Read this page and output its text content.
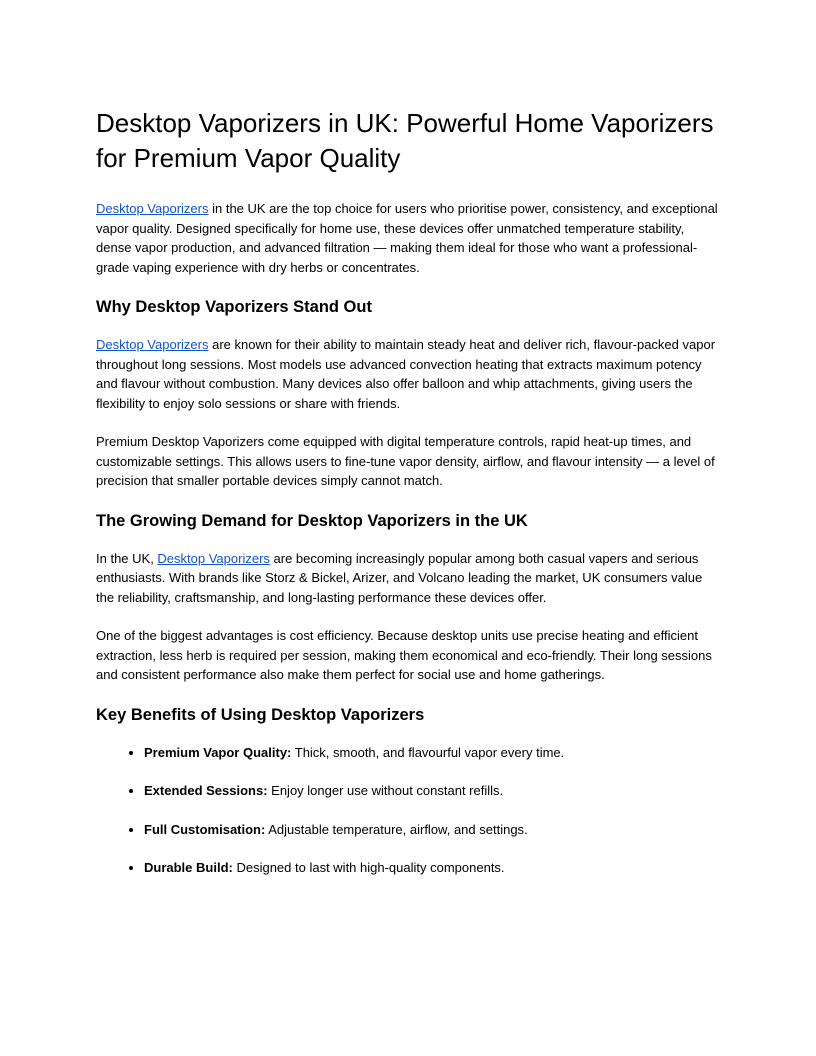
Desktop Vaporizers in UK: Powerful Home Vaporizers for Premium Vapor Quality

Desktop Vaporizers in the UK are the top choice for users who prioritise power, consistency, and exceptional vapor quality. Designed specifically for home use, these devices offer unmatched temperature stability, dense vapor production, and advanced filtration — making them ideal for those who want a professional-grade vaping experience with dry herbs or concentrates.

Why Desktop Vaporizers Stand Out

Desktop Vaporizers are known for their ability to maintain steady heat and deliver rich, flavour-packed vapor throughout long sessions. Most models use advanced convection heating that extracts maximum potency and flavour without combustion. Many devices also offer balloon and whip attachments, giving users the flexibility to enjoy solo sessions or share with friends.

Premium Desktop Vaporizers come equipped with digital temperature controls, rapid heat-up times, and customizable settings. This allows users to fine-tune vapor density, airflow, and flavour intensity — a level of precision that smaller portable devices simply cannot match.

The Growing Demand for Desktop Vaporizers in the UK

In the UK, Desktop Vaporizers are becoming increasingly popular among both casual vapers and serious enthusiasts. With brands like Storz & Bickel, Arizer, and Volcano leading the market, UK consumers value the reliability, craftsmanship, and long-lasting performance these devices offer.

One of the biggest advantages is cost efficiency. Because desktop units use precise heating and efficient extraction, less herb is required per session, making them economical and eco-friendly. Their long sessions and consistent performance also make them perfect for social use and home gatherings.

Key Benefits of Using Desktop Vaporizers
• Premium Vapor Quality: Thick, smooth, and flavourful vapor every time.
• Extended Sessions: Enjoy longer use without constant refills.
• Full Customisation: Adjustable temperature, airflow, and settings.
• Durable Build: Designed to last with high-quality components.
